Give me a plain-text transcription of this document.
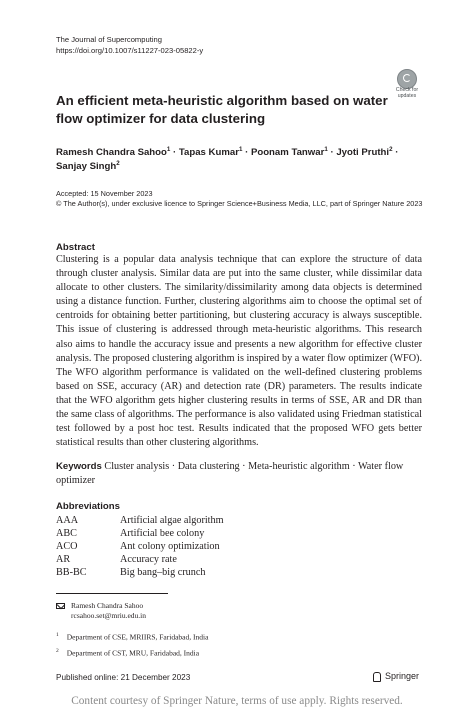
The Journal of Supercomputing
https://doi.org/10.1007/s11227-023-05822-y
Check for
updates
An efficient meta-heuristic algorithm based on water flow optimizer for data clustering
Ramesh Chandra Sahoo$^1$ · Tapas Kumar$^1$ · Poonam Tanwar$^1$ · Jyoti Pruthi$^2$ ·
Sanjay Singh$^2$
Accepted: 15 November 2023
© The Author(s), under exclusive licence to Springer Science+Business Media, LLC, part of Springer Nature 2023
Abstract
Clustering is a popular data analysis technique that can explore the structure of data through cluster analysis. Similar data are put into the same cluster, while dissimilar data allocate to other clusters. The similarity/dissimilarity among data objects is determined using a distance function. Further, clustering algorithms aim to choose the optimal set of centroids for obtaining better partitioning, but clustering accuracy is always susceptible. This issue of clustering is addressed through meta-heuristic algorithms. This research also aims to handle the accuracy issue and presents a new algorithm for effective cluster analysis. The proposed clustering algorithm is inspired by a water flow optimizer (WFO). The WFO algorithm performance is validated on the well-defined clustering problems based on SSE, accuracy (AR) and detection rate (DR) parameters. The results indicate that the WFO algorithm gets higher clustering results in terms of SSE, AR and DR than the same class of algorithms. The performance is also validated using Friedman statistical test followed by a post hoc test. Results indicated that the proposed WFO gets better statistical results than other clustering algorithms.
Keywords Cluster analysis · Data clustering · Meta-heuristic algorithm · Water flow optimizer
Abbreviations
AAA	Artificial algae algorithm
ABC	Artificial bee colony
ACO	Ant colony optimization
AR	Accuracy rate
BB-BC	Big bang–big crunch
Ramesh Chandra Sahoo
rcsahoo.set@mriu.edu.in
$^1$ Department of CSE, MRIIRS, Faridabad, India
$^2$ Department of CST, MRU, Faridabad, India
Published online: 21 December 2023	Springer
Content courtesy of Springer Nature, terms of use apply. Rights reserved.
